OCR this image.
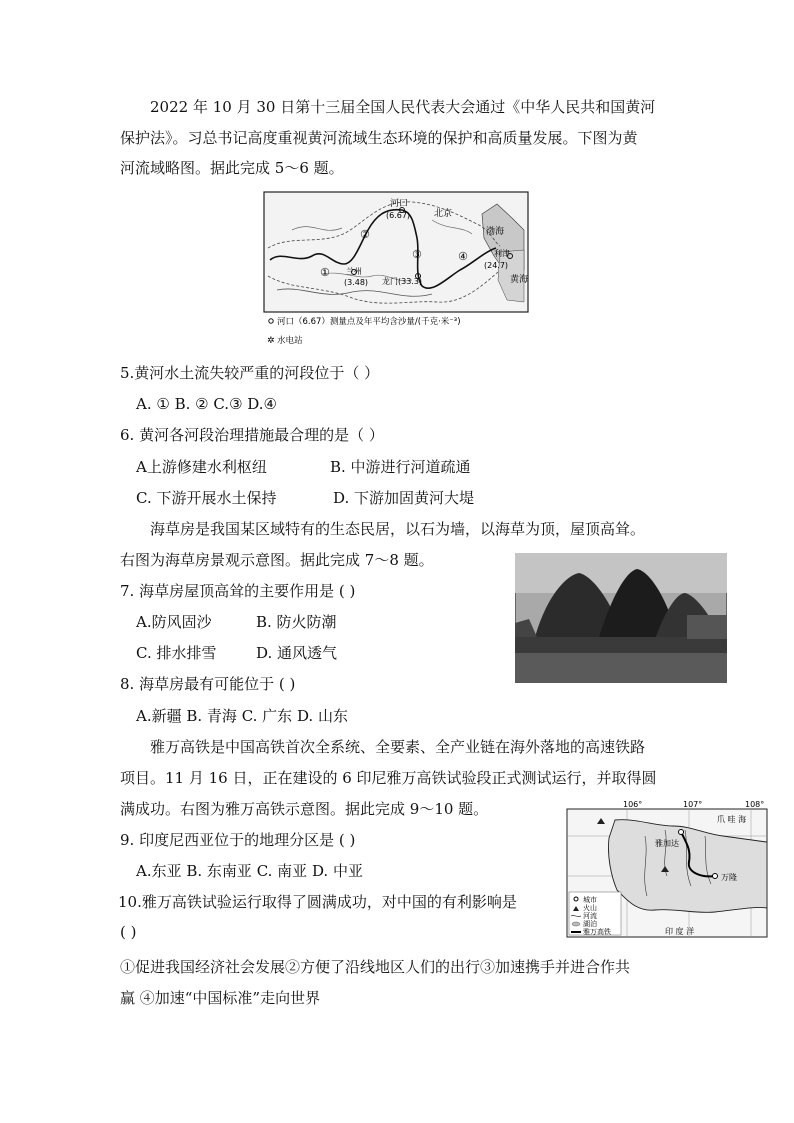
2022 年 10 月 30 日第十三届全国人民代表大会通过《中华人民共和国黄河
保护法》。习总书记高度重视黄河流域生态环境的保护和高质量发展。下图为黄
河流域略图。据此完成 5～6 题。
河口
(6.67)	北京
渤海
利津
(24.7)
黄海
兰州
(3.48) 龙门(33.3)
①
②
③	④
河口（6.67）测量点及年平均含沙量/(千克·米⁻³)
✲ 水电站
5.黄河水土流失较严重的河段位于（ ）
A. ① B. ② C.③ D.④
6. 黄河各河段治理措施最合理的是（ ）
A上游修建水利枢纽	B. 中游进行河道疏通
C. 下游开展水土保持	D. 下游加固黄河大堤
海草房是我国某区域特有的生态民居，以石为墙，以海草为顶，屋顶高耸。
右图为海草房景观示意图。据此完成 7～8 题。
7. 海草房屋顶高耸的主要作用是 ( )
A.防风固沙	B. 防火防潮
C. 排水排雪	D. 通风透气
8. 海草房最有可能位于 ( )
A.新疆 B. 青海 C. 广东 D. 山东
雅万高铁是中国高铁首次全系统、全要素、全产业链在海外落地的高速铁路
项目。11 月 16 日，正在建设的 6 印尼雅万高铁试验段正式测试运行，并取得圆
满成功。右图为雅万高铁示意图。据此完成 9～10 题。	106°	107°	108°
爪 哇 海
雅加达
万隆
印 度 洋
城市
火山
河流
湖泊
雅万高铁
9. 印度尼西亚位于的地理分区是 ( )
A.东亚 B. 东南亚 C. 南亚 D. 中亚
10.雅万高铁试验运行取得了圆满成功，对中国的有利影响是
( )
①促进我国经济社会发展②方便了沿线地区人们的出行③加速携手并进合作共
赢 ④加速“中国标准”走向世界
